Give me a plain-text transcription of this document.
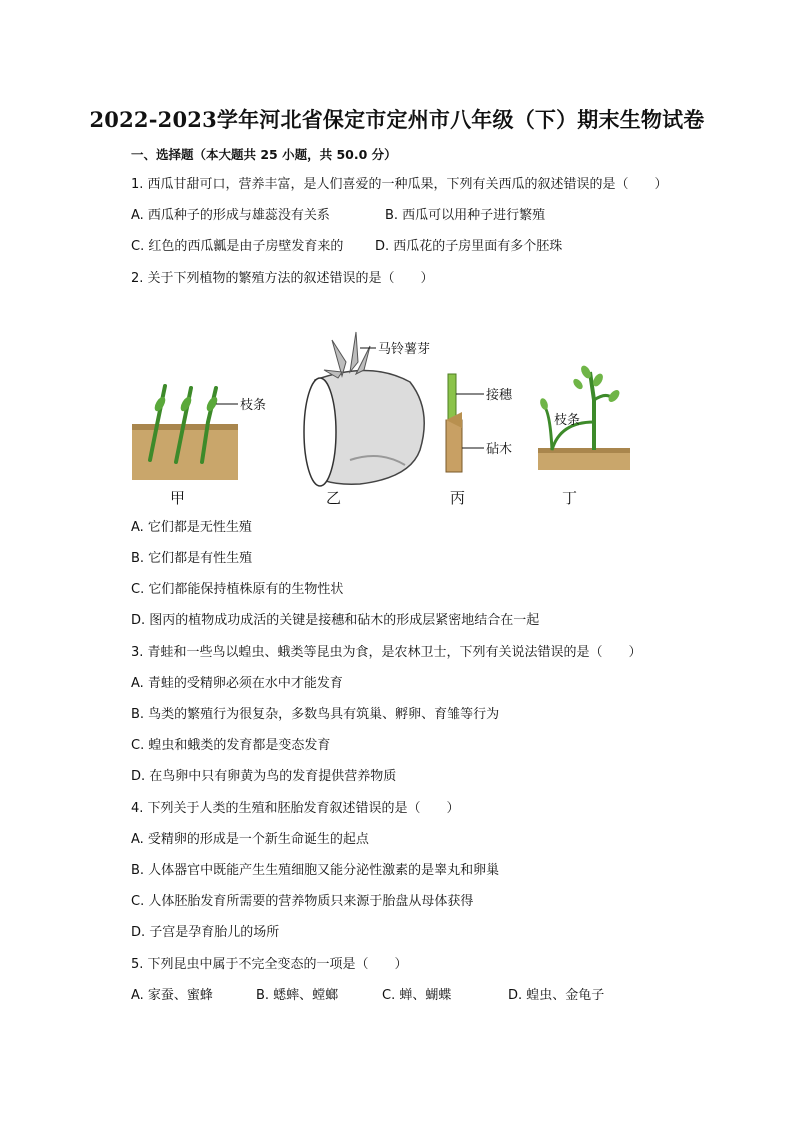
2022-2023学年河北省保定市定州市八年级（下）期末生物试卷
一、选择题（本大题共 25 小题，共 50.0 分）
1. 西瓜甘甜可口，营养丰富，是人们喜爱的一种瓜果，下列有关西瓜的叙述错误的是（　　）
A. 西瓜种子的形成与雄蕊没有关系	B. 西瓜可以用种子进行繁殖
C. 红色的西瓜瓤是由子房壁发育来的 D. 西瓜花的子房里面有多个胚珠
2. 关于下列植物的繁殖方法的叙述错误的是（　　）
枝条
甲
马铃薯芽
乙
接穗
砧木
丙
枝条
丁
A. 它们都是无性生殖
B. 它们都是有性生殖
C. 它们都能保持植株原有的生物性状
D. 图丙的植物成功成活的关键是接穗和砧木的形成层紧密地结合在一起
3. 青蛙和一些鸟以蝗虫、蛾类等昆虫为食，是农林卫士，下列有关说法错误的是（　　）
A. 青蛙的受精卵必须在水中才能发育
B. 鸟类的繁殖行为很复杂，多数鸟具有筑巢、孵卵、育雏等行为
C. 蝗虫和蛾类的发育都是变态发育
D. 在鸟卵中只有卵黄为鸟的发育提供营养物质
4. 下列关于人类的生殖和胚胎发育叙述错误的是（　　）
A. 受精卵的形成是一个新生命诞生的起点
B. 人体器官中既能产生生殖细胞又能分泌性激素的是睾丸和卵巢
C. 人体胚胎发育所需要的营养物质只来源于胎盘从母体获得
D. 子宫是孕育胎儿的场所
5. 下列昆虫中属于不完全变态的一项是（　　）
A. 家蚕、蜜蜂	B. 蟋蟀、螳螂	C. 蝉、蝴蝶	D. 蝗虫、金龟子
